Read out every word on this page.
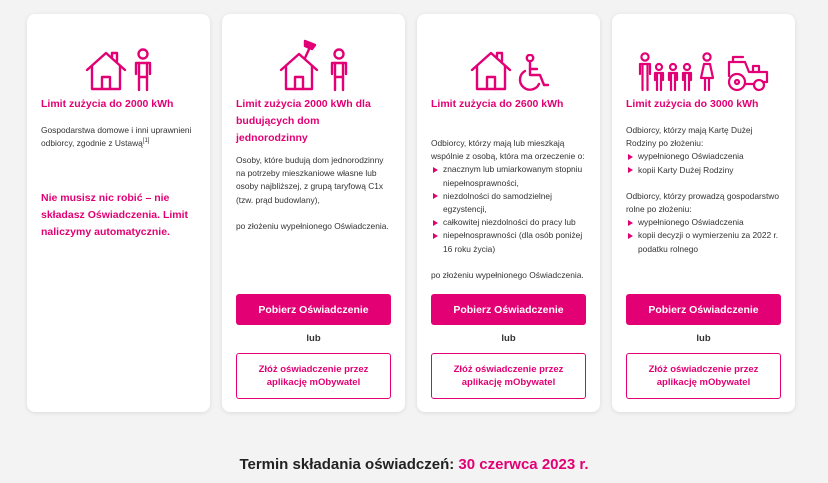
Limit zużycia do 2000 kWh
Gospodarstwa domowe i inni uprawnieni odbiorcy, zgodnie z Ustawą[1]
Nie musisz nic robić – nie składasz Oświadczenia. Limit naliczymy automatycznie.
Limit zużycia 2000 kWh dla budujących dom jednorodzinny
Osoby, które budują dom jednorodzinny na potrzeby mieszkaniowe własne lub osoby najbliższej, z grupą taryfową C1x (tzw. prąd budowlany),
po złożeniu wypełnionego Oświadczenia.
Pobierz Oświadczenie
lub
Złóż oświadczenie przez aplikację mObywatel
Limit zużycia do 2600 kWh
Odbiorcy, którzy mają lub mieszkają wspólnie z osobą, która ma orzeczenie o:
znacznym lub umiarkowanym stopniu niepełnosprawności,
niezdolności do samodzielnej egzystencji,
całkowitej niezdolności do pracy lub
niepełnosprawności (dla osób poniżej 16 roku życia)
po złożeniu wypełnionego Oświadczenia.
Pobierz Oświadczenie
lub
Złóż oświadczenie przez aplikację mObywatel
Limit zużycia do 3000 kWh
Odbiorcy, którzy mają Kartę Dużej Rodziny po złożeniu:
wypełnionego Oświadczenia
kopii Karty Dużej Rodziny
Odbiorcy, którzy prowadzą gospodarstwo rolne po złożeniu:
wypełnionego Oświadczenia
kopii decyzji o wymierzeniu za 2022 r. podatku rolnego
Pobierz Oświadczenie
lub
Złóż oświadczenie przez aplikację mObywatel
Termin składania oświadczeń: 30 czerwca 2023 r.
